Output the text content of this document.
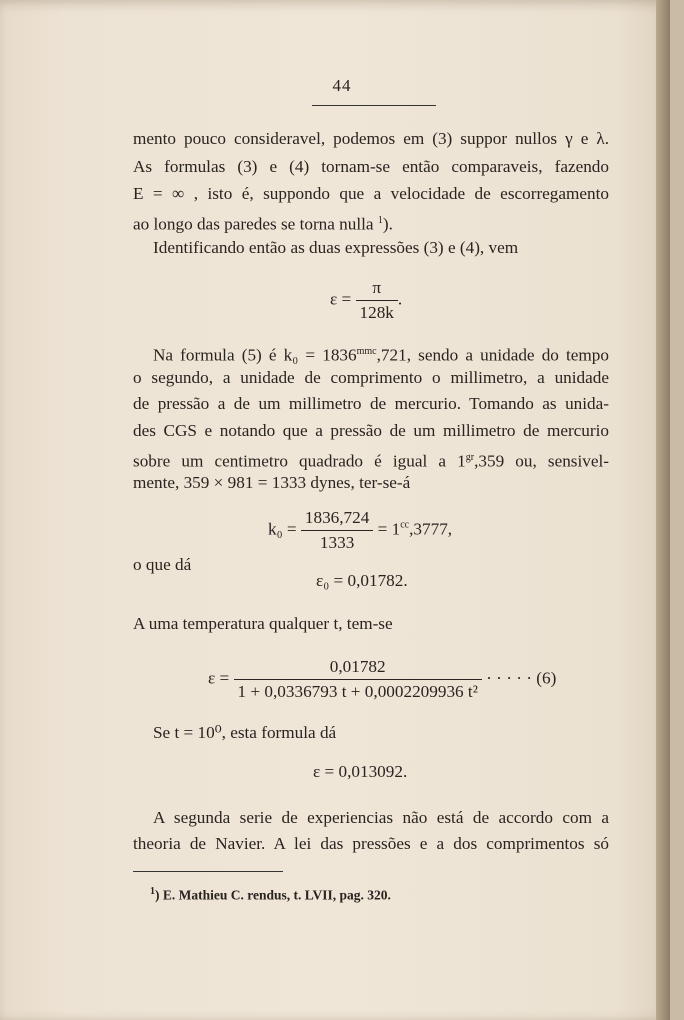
44
mento pouco consideravel, podemos em (3) suppor nullos γ e λ.
As formulas (3) e (4) tornam-se então comparaveis, fazendo
E = ∞ , isto é, suppondo que a velocidade de escorregamento
ao longo das paredes se torna nulla $^1$).
Identificando então as duas expressões (3) e (4), vem
$\varepsilon = \frac{\pi}{128k}$ .
Na formula (5) é $k_0 = 1836^{mmc},721$, sendo a unidade do tempo
o segundo, a unidade de comprimento o millimetro, a unidade
de pressão a de um millimetro de mercurio. Tomando as unida-
des CGS e notando que a pressão de um millimetro de mercurio
sobre um centimetro quadrado é igual a $1^{gr},359$ ou, sensivel-
mente, 359 × 981 = 1333 dynes, ter-se-á
$k_0 = \frac{1836,724}{1333} = 1^{cc},3777$,
o que dá
ε₀ = 0,01782.
A uma temperatura qualquer t, tem-se
$\varepsilon = \frac{0,01782}{\text{1 + 0,0336793 t + 0,0002209936 t²}}$ · · · · · (6)
Se t = 10⁰, esta formula dá
ε = 0,013092.
A segunda serie de experiencias não está de accordo com a
theoria de Navier. A lei das pressões e a dos comprimentos só
$^1$) E. Mathieu C. rendus, t. LVII, pag. 320.
